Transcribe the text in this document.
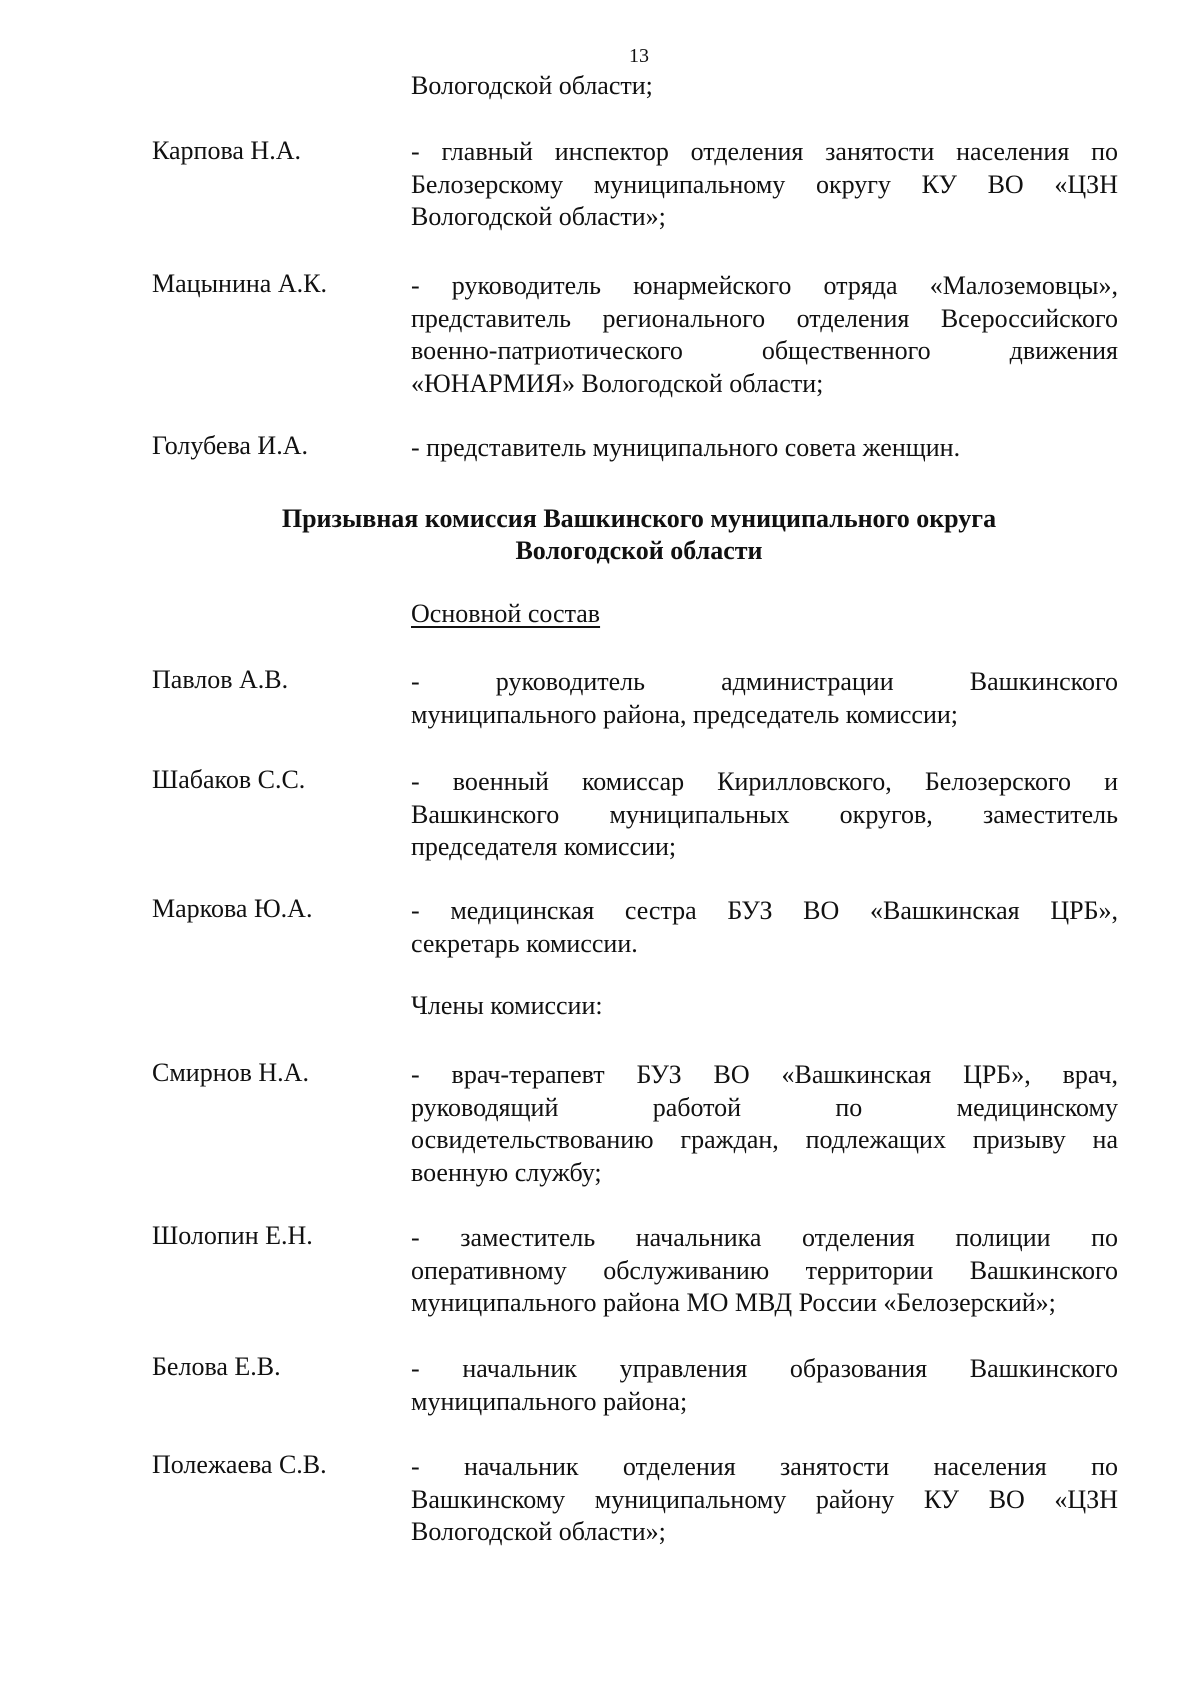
13
Вологодской области;
Карпова Н.А.	- главный инспектор отделения занятости населения по
Белозерскому муниципальному округу КУ ВО «ЦЗН
Вологодской области»;
Мацынина А.К.	- руководитель юнармейского отряда «Малоземовцы»,
представитель регионального отделения Всероссийского
военно-патриотического общественного движения
«ЮНАРМИЯ» Вологодской области;
Голубева И.А.	- представитель муниципального совета женщин.
Призывная комиссия Вашкинского муниципального округа
Вологодской области
Основной состав
Павлов А.В.	- руководитель администрации Вашкинского
муниципального района, председатель комиссии;
Шабаков С.С.	- военный комиссар Кирилловского, Белозерского и
Вашкинского муниципальных округов, заместитель
председателя комиссии;
Маркова Ю.А.	- медицинская сестра БУЗ ВО «Вашкинская ЦРБ»,
секретарь комиссии.
Члены комиссии:
Смирнов Н.А.	- врач-терапевт БУЗ ВО «Вашкинская ЦРБ», врач,
руководящий работой по медицинскому
освидетельствованию граждан, подлежащих призыву на
военную службу;
Шолопин Е.Н.	- заместитель начальника отделения полиции по
оперативному обслуживанию территории Вашкинского
муниципального района МО МВД России «Белозерский»;
Белова Е.В.	- начальник управления образования Вашкинского
муниципального района;
Полежаева С.В.	- начальник отделения занятости населения по
Вашкинскому муниципальному району КУ ВО «ЦЗН
Вологодской области»;
